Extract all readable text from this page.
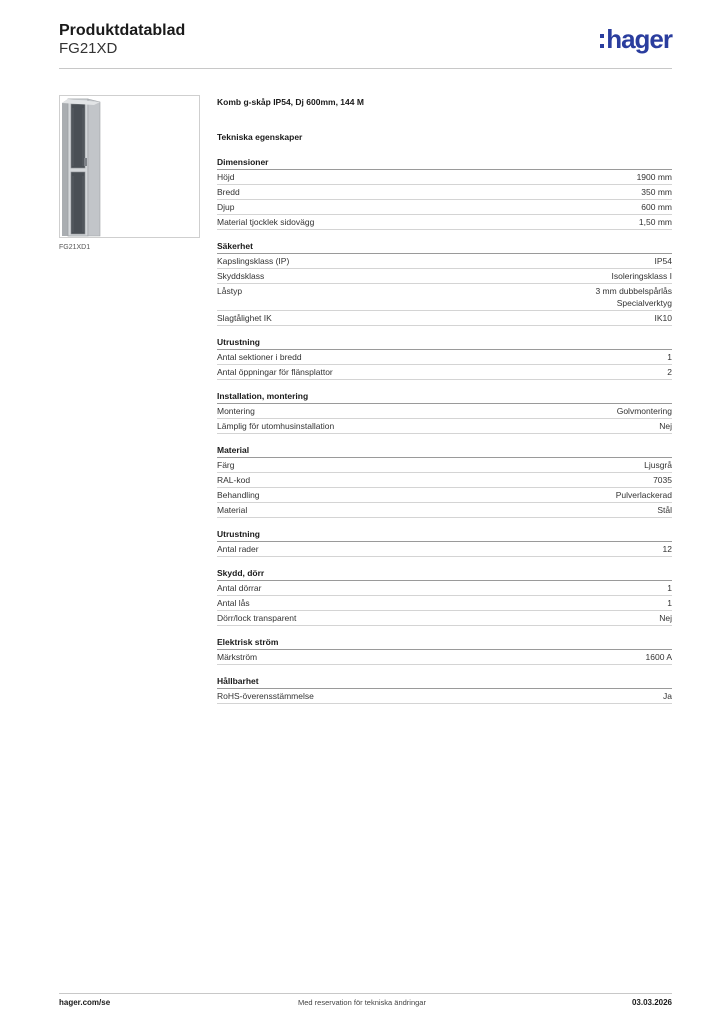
Produktdatablad
FG21XD	hager
FG21XD1
Komb g-skåp IP54, Dj 600mm, 144 M
Tekniska egenskaper
Dimensioner
Höjd	1900 mm
Bredd	350 mm
Djup	600 mm
Material tjocklek sidovägg	1,50 mm
Säkerhet
Kapslingsklass (IP)	IP54
Skyddsklass	Isoleringsklass I
Låstyp	3 mm dubbelspårlås
Specialverktyg
Slagtålighet IK	IK10
Utrustning
Antal sektioner i bredd	1
Antal öppningar för flänsplattor	2
Installation, montering
Montering	Golvmontering
Lämplig för utomhusinstallation	Nej
Material
Färg	Ljusgrå
RAL-kod	7035
Behandling	Pulverlackerad
Material	Stål
Utrustning
Antal rader	12
Skydd, dörr
Antal dörrar	1
Antal lås	1
Dörr/lock transparent	Nej
Elektrisk ström
Märkström	1600 A
Hållbarhet
RoHS-överensstämmelse	Ja
hager.com/se	Med reservation för tekniska ändringar	03.03.2026
